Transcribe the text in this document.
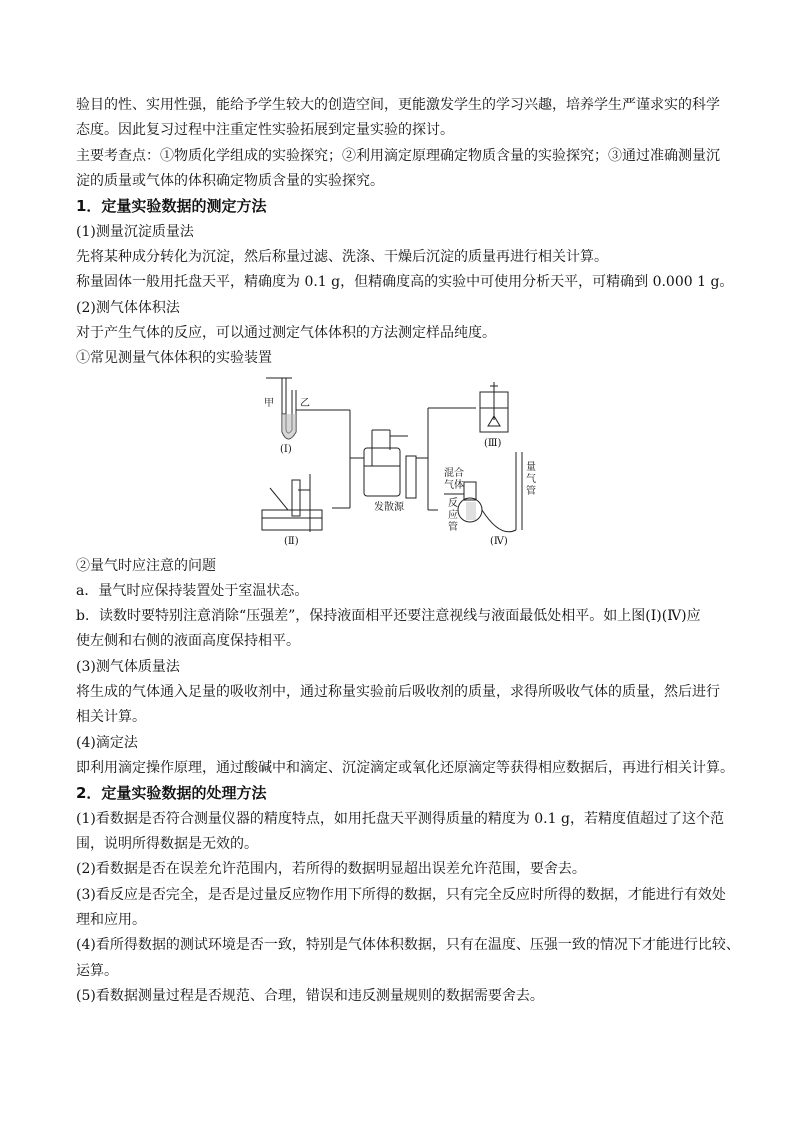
验目的性、实用性强，能给予学生较大的创造空间，更能激发学生的学习兴趣，培养学生严谨求实的科学
态度。因此复习过程中注重定性实验拓展到定量实验的探讨。
主要考查点：①物质化学组成的实验探究；②利用滴定原理确定物质含量的实验探究；③通过准确测量沉
淀的质量或气体的体积确定物质含量的实验探究。
1．定量实验数据的测定方法
(1)测量沉淀质量法
先将某种成分转化为沉淀，然后称量过滤、洗涤、干燥后沉淀的质量再进行相关计算。
称量固体一般用托盘天平，精确度为 0.1 g，但精确度高的实验中可使用分析天平，可精确到 0.000 1 g。
(2)测气体体积法
对于产生气体的反应，可以通过测定气体体积的方法测定样品纯度。
①常见测量气体体积的实验装置
甲	乙
(Ⅰ)
(Ⅱ)
(Ⅲ)
(Ⅳ)
发散源
混合
气体
反
应
管
量
气
管
②量气时应注意的问题
a．量气时应保持装置处于室温状态。
b．读数时要特别注意消除“压强差”，保持液面相平还要注意视线与液面最低处相平。如上图(Ⅰ)(Ⅳ)应
使左侧和右侧的液面高度保持相平。
(3)测气体质量法
将生成的气体通入足量的吸收剂中，通过称量实验前后吸收剂的质量，求得所吸收气体的质量，然后进行
相关计算。
(4)滴定法
即利用滴定操作原理，通过酸碱中和滴定、沉淀滴定或氧化还原滴定等获得相应数据后，再进行相关计算。
2．定量实验数据的处理方法
(1)看数据是否符合测量仪器的精度特点，如用托盘天平测得质量的精度为 0.1 g，若精度值超过了这个范
围，说明所得数据是无效的。
(2)看数据是否在误差允许范围内，若所得的数据明显超出误差允许范围，要舍去。
(3)看反应是否完全，是否是过量反应物作用下所得的数据，只有完全反应时所得的数据，才能进行有效处
理和应用。
(4)看所得数据的测试环境是否一致，特别是气体体积数据，只有在温度、压强一致的情况下才能进行比较、
运算。
(5)看数据测量过程是否规范、合理，错误和违反测量规则的数据需要舍去。
